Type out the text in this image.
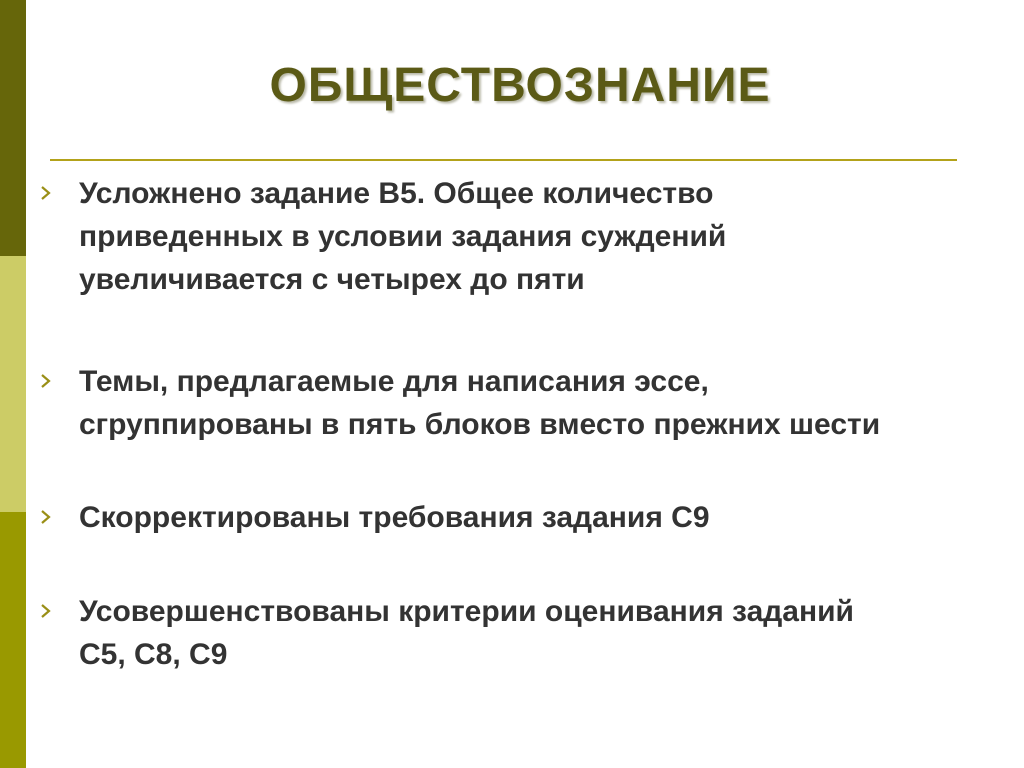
ОБЩЕСТВОЗНАНИЕ
Усложнено задание В5. Общее количество
приведенных в условии задания суждений
увеличивается с четырех до пяти
Темы, предлагаемые для написания эссе,
сгруппированы в пять блоков вместо прежних шести
Скорректированы требования задания С9
Усовершенствованы критерии оценивания заданий
С5, С8, С9
